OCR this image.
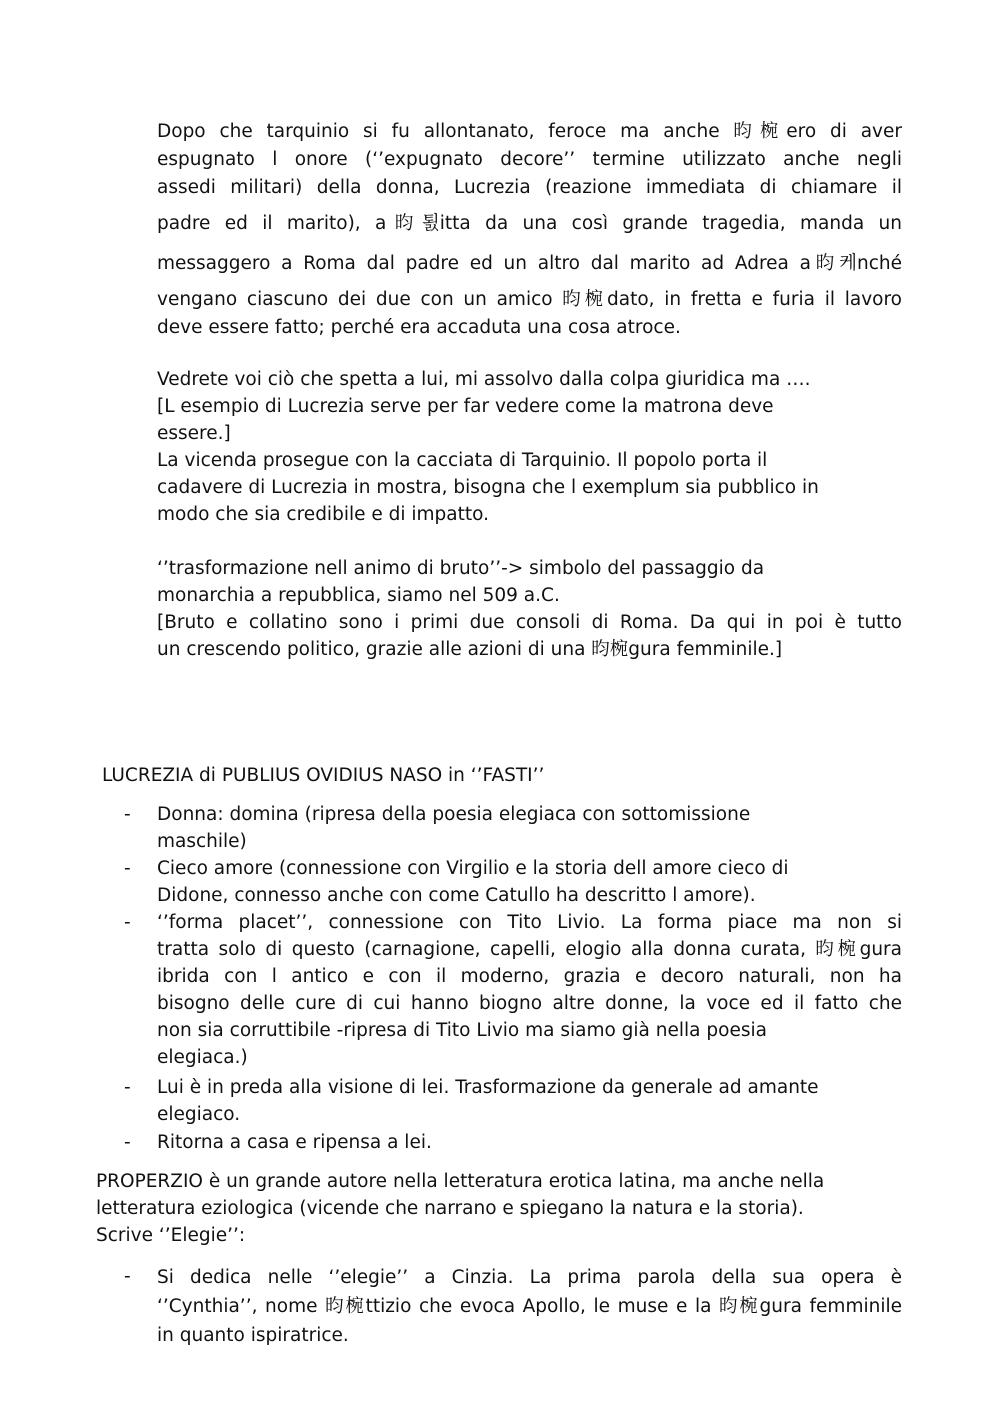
Dopo che tarquinio si fu allontanato, feroce ma anche 昀椀ero di aver
espugnato l onore (‘’expugnato decore’’ termine utilizzato anche negli
assedi militari) della donna, Lucrezia (reazione immediata di chiamare il
padre ed il marito), a昀툀itta da una così grande tragedia, manda un
messaggero a Roma dal padre ed un altro dal marito ad Adrea a昀케nché
vengano ciascuno dei due con un amico 昀椀dato, in fretta e furia il lavoro
deve essere fatto; perché era accaduta una cosa atroce.
Vedrete voi ciò che spetta a lui, mi assolvo dalla colpa giuridica ma ….
[L esempio di Lucrezia serve per far vedere come la matrona deve
essere.]
La vicenda prosegue con la cacciata di Tarquinio. Il popolo porta il
cadavere di Lucrezia in mostra, bisogna che l exemplum sia pubblico in
modo che sia credibile e di impatto.
‘’trasformazione nell animo di bruto’’-> simbolo del passaggio da
monarchia a repubblica, siamo nel 509 a.C.
[Bruto e collatino sono i primi due consoli di Roma. Da qui in poi è tutto
un crescendo politico, grazie alle azioni di una 昀椀gura femminile.]
LUCREZIA di PUBLIUS OVIDIUS NASO in ‘’FASTI’’
- Donna: domina (ripresa della poesia elegiaca con sottomissione
maschile)
- Cieco amore (connessione con Virgilio e la storia dell amore cieco di
Didone, connesso anche con come Catullo ha descritto l amore).
- ‘’forma placet’’, connessione con Tito Livio. La forma piace ma non si
tratta solo di questo (carnagione, capelli, elogio alla donna curata, 昀椀gura
ibrida con l antico e con il moderno, grazia e decoro naturali, non ha
bisogno delle cure di cui hanno biogno altre donne, la voce ed il fatto che
non sia corruttibile -ripresa di Tito Livio ma siamo già nella poesia
elegiaca.)
- Lui è in preda alla visione di lei. Trasformazione da generale ad amante
elegiaco.
- Ritorna a casa e ripensa a lei.
PROPERZIO è un grande autore nella letteratura erotica latina, ma anche nella
letteratura eziologica (vicende che narrano e spiegano la natura e la storia).
Scrive ‘’Elegie’’:
- Si dedica nelle ‘’elegie’’ a Cinzia. La prima parola della sua opera è
‘’Cynthia’’, nome 昀椀ttizio che evoca Apollo, le muse e la 昀椀gura femminile
in quanto ispiratrice.
